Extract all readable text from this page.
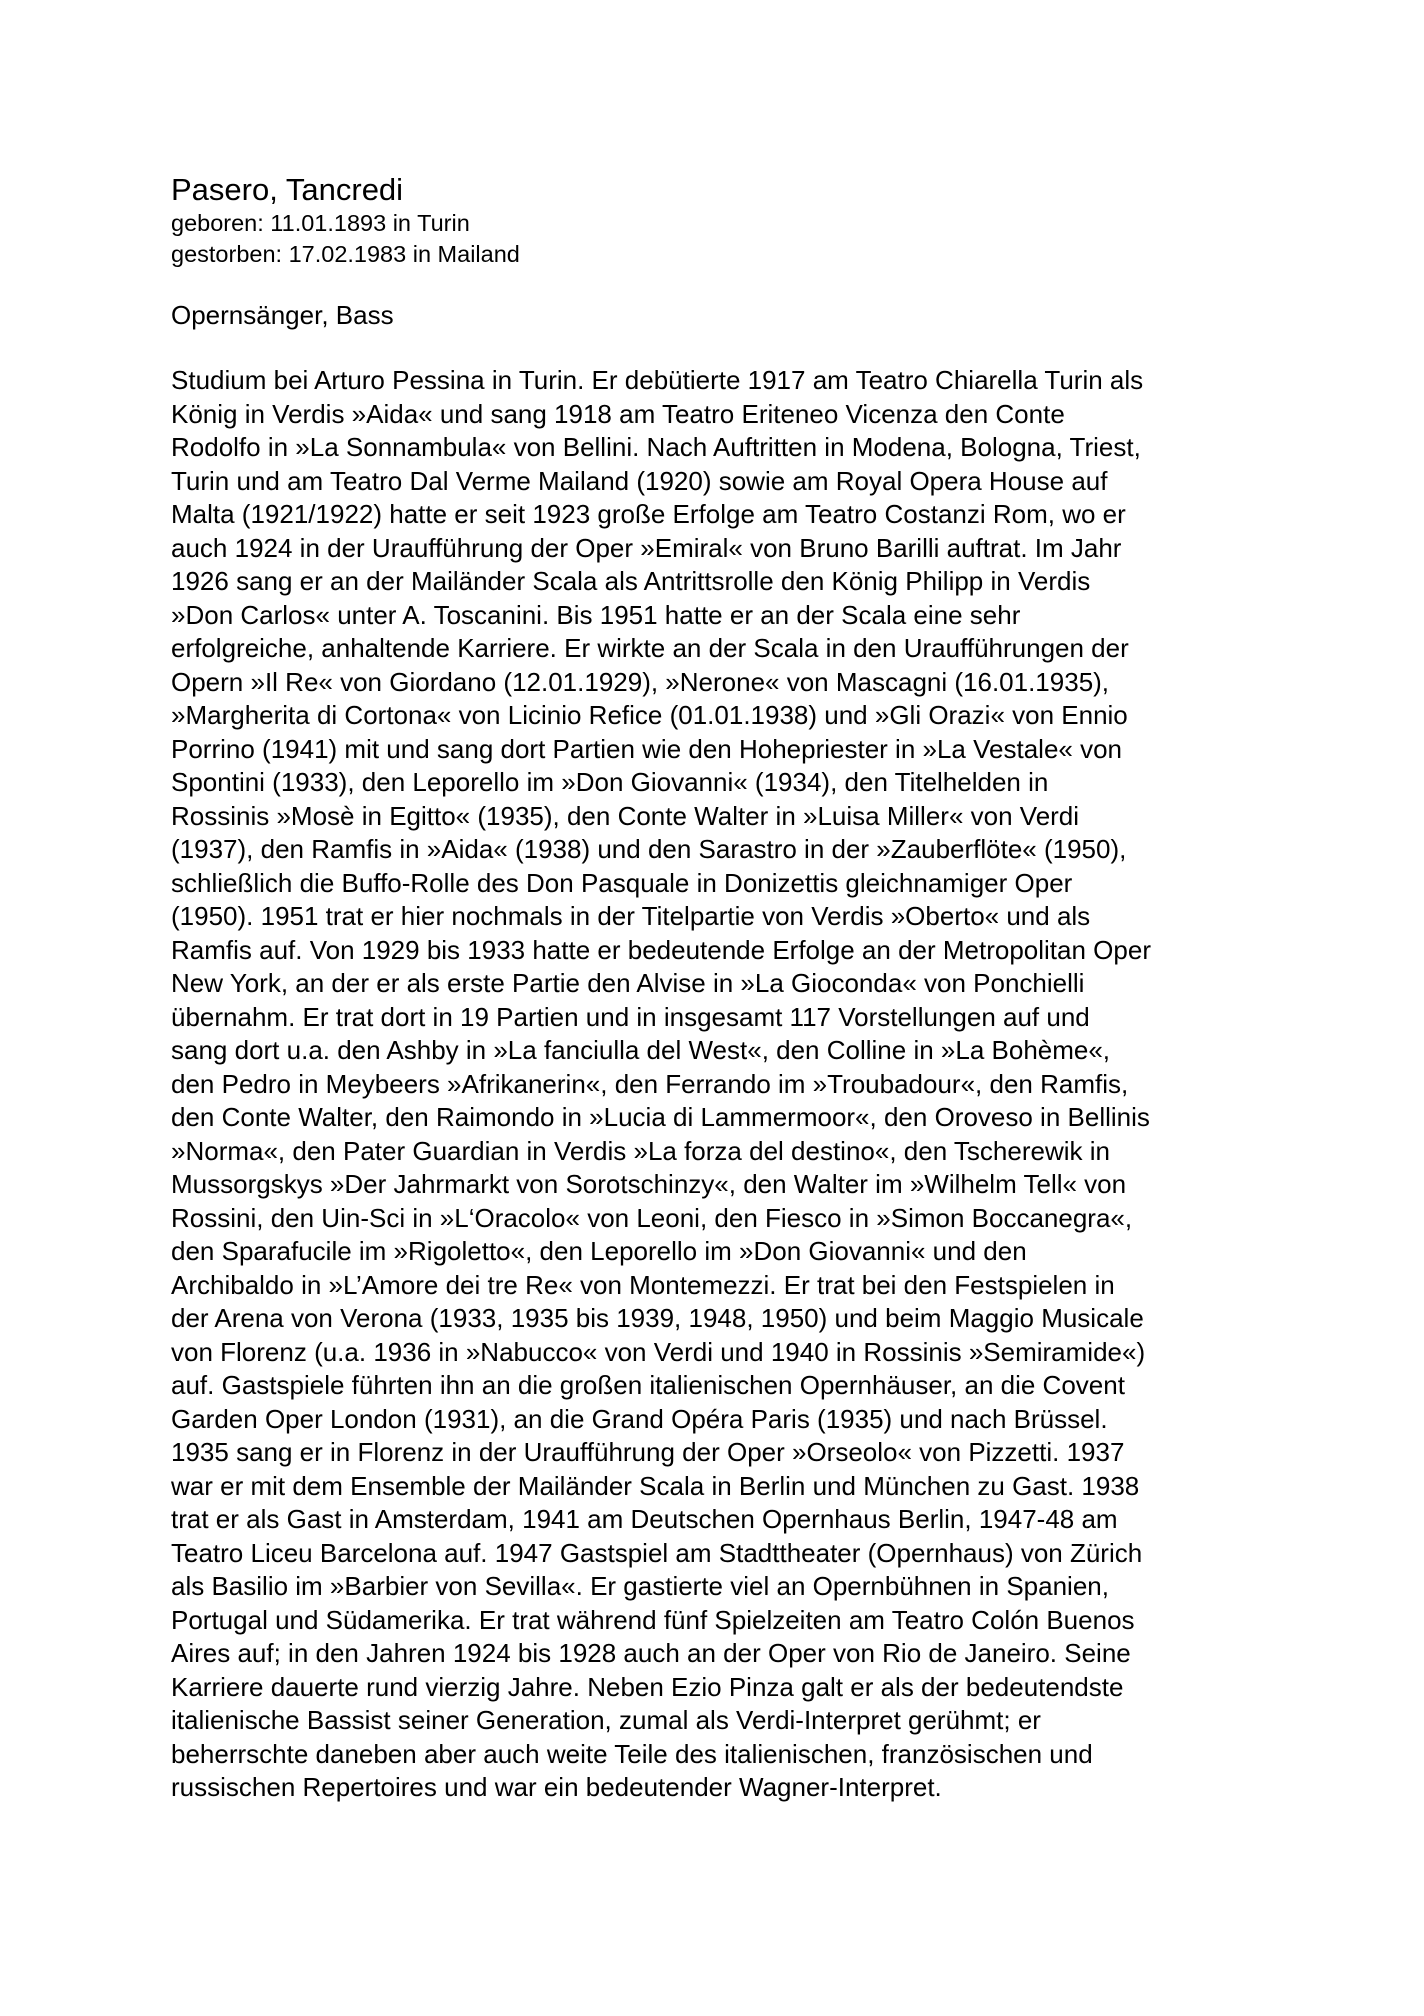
Pasero, Tancredi

geboren: 11.01.1893 in Turin

gestorben: 17.02.1983 in Mailand

Opernsänger, Bass

Studium bei Arturo Pessina in Turin. Er debütierte 1917 am Teatro Chiarella Turin als
König in Verdis »Aida« und sang 1918 am Teatro Eriteneo Vicenza den Conte
Rodolfo in »La Sonnambula« von Bellini. Nach Auftritten in Modena, Bologna, Triest,
Turin und am Teatro Dal Verme Mailand (1920) sowie am Royal Opera House auf
Malta (1921/1922) hatte er seit 1923 große Erfolge am Teatro Costanzi Rom, wo er
auch 1924 in der Uraufführung der Oper »Emiral« von Bruno Barilli auftrat. Im Jahr
1926 sang er an der Mailänder Scala als Antrittsrolle den König Philipp in Verdis
»Don Carlos« unter A. Toscanini. Bis 1951 hatte er an der Scala eine sehr
erfolgreiche, anhaltende Karriere. Er wirkte an der Scala in den Uraufführungen der
Opern »Il Re« von Giordano (12.01.1929), »Nerone« von Mascagni (16.01.1935),
»Margherita di Cortona« von Licinio Refice (01.01.1938) und »Gli Orazi« von Ennio
Porrino (1941) mit und sang dort Partien wie den Hohepriester in »La Vestale« von
Spontini (1933), den Leporello im »Don Giovanni« (1934), den Titelhelden in
Rossinis »Mosè in Egitto« (1935), den Conte Walter in »Luisa Miller« von Verdi
(1937), den Ramfis in »Aida« (1938) und den Sarastro in der »Zauberflöte« (1950),
schließlich die Buffo-Rolle des Don Pasquale in Donizettis gleichnamiger Oper
(1950). 1951 trat er hier nochmals in der Titelpartie von Verdis »Oberto« und als
Ramfis auf. Von 1929 bis 1933 hatte er bedeutende Erfolge an der Metropolitan Oper
New York, an der er als erste Partie den Alvise in »La Gioconda« von Ponchielli
übernahm. Er trat dort in 19 Partien und in insgesamt 117 Vorstellungen auf und
sang dort u.a. den Ashby in »La fanciulla del West«, den Colline in »La Bohème«,
den Pedro in Meybeers »Afrikanerin«, den Ferrando im »Troubadour«, den Ramfis,
den Conte Walter, den Raimondo in »Lucia di Lammermoor«, den Oroveso in Bellinis
»Norma«, den Pater Guardian in Verdis »La forza del destino«, den Tscherewik in
Mussorgskys »Der Jahrmarkt von Sorotschinzy«, den Walter im »Wilhelm Tell« von
Rossini, den Uin-Sci in »L‘Oracolo« von Leoni, den Fiesco in »Simon Boccanegra«,
den Sparafucile im »Rigoletto«, den Leporello im »Don Giovanni« und den
Archibaldo in »L’Amore dei tre Re« von Montemezzi. Er trat bei den Festspielen in
der Arena von Verona (1933, 1935 bis 1939, 1948, 1950) und beim Maggio Musicale
von Florenz (u.a. 1936 in »Nabucco« von Verdi und 1940 in Rossinis »Semiramide«)
auf. Gastspiele führten ihn an die großen italienischen Opernhäuser, an die Covent
Garden Oper London (1931), an die Grand Opéra Paris (1935) und nach Brüssel.
1935 sang er in Florenz in der Uraufführung der Oper »Orseolo« von Pizzetti. 1937
war er mit dem Ensemble der Mailänder Scala in Berlin und München zu Gast. 1938
trat er als Gast in Amsterdam, 1941 am Deutschen Opernhaus Berlin, 1947-48 am
Teatro Liceu Barcelona auf. 1947 Gastspiel am Stadttheater (Opernhaus) von Zürich
als Basilio im »Barbier von Sevilla«. Er gastierte viel an Opernbühnen in Spanien,
Portugal und Südamerika. Er trat während fünf Spielzeiten am Teatro Colón Buenos
Aires auf; in den Jahren 1924 bis 1928 auch an der Oper von Rio de Janeiro. Seine
Karriere dauerte rund vierzig Jahre. Neben Ezio Pinza galt er als der bedeutendste
italienische Bassist seiner Generation, zumal als Verdi-Interpret gerühmt; er
beherrschte daneben aber auch weite Teile des italienischen, französischen und
russischen Repertoires und war ein bedeutender Wagner-Interpret.
